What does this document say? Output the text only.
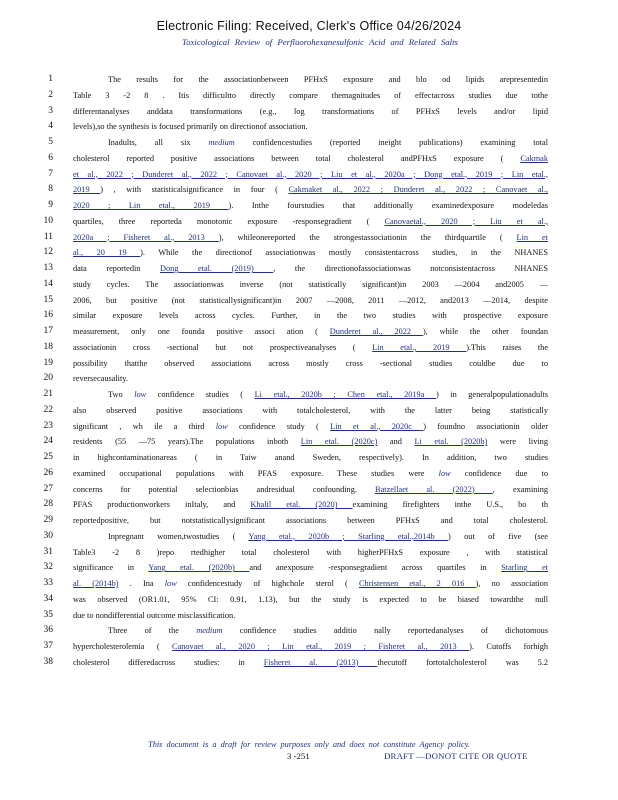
Electronic Filing: Received, Clerk's Office 04/26/2024
Toxicological Review of Perfluorohexanesulfonic Acid and Related Salts
1	The results for the associationbetween PFHxS exposure and blo od lipids arepresentedin
2 Table 3 -2 8 . Itis difficultto directly compare themagnitudes of effectacross studies due tothe
3 differentanalyses anddata transformations (e.g., log transformations of PFHxS levels and/or lipid
4 levels),so the synthesis is focused primarily on directionof association.
5	Inadults, all six medium confidencestudies (reported ineight publications) examining total
6 cholesterol reported positive associations between total cholesterol andPFHxS exposure ( Cakmak
7 et al., 2022 ; Dunderet al., 2022 ; Canovaet al., 2020 ; Liu et al., 2020a ; Dong etal., 2019 ; Lin etal.,
8 2019 ) , with statisticalsignificance in four ( Cakmaket al., 2022 ; Dunderet al., 2022 ; Canovaet al.,
9 2020 ; Lin etal., 2019 ). Inthe fourstudies that additionally examinedexposure modeledas
10 quartiles, three reporteda monotonic exposure -responsegradient ( Canovaetal., 2020 ; Liu et al.,
11 2020a ; Fisheret al., 2013 ), whileonereported the strongestassociationin the thirdquartile ( Lin et
12 al., 20 19 ). While the directionof associationwas mostly consistentacross studies, in the NHANES
13 data reportedin Dong etal. (2019) , the directionofassociationwas notconsistentacross NHANES
14 study cycles. The associationwas inverse (not statistically significant)in 2003 —2004 and2005 —
15 2006, but positive (not statisticallysignificant)in 2007 —2008, 2011 —2012, and2013 —2014, despite
16 similar exposure levels across cycles. Further, in the two studies with prospective exposure
17 measurement, only one founda positive associ ation ( Dunderet al., 2022 ), while the other foundan
18 associationin cross -sectional but not prospectiveanalyses ( Lin etal., 2019 ).This raises the
19 possibility thatthe observed associations across mostly cross -sectional studies couldbe due to
20 reversecausality.
21	Two low confidence studies ( Li etal., 2020b ; Chen etal., 2019a ) in generalpopulationadults
22 also observed positive associations with totalcholesterol, with the latter being statistically
23 significant , wh ile a third low confidence study ( Lin et al., 2020c ) foundno associationin older
24 residents (55 —75 years).The populations inboth Lin etal. (2020c) and Li etal. (2020b) were living
25 in highcontaminationareas ( in Taiw anand Sweden, respectively). In addition, two studies
26 examined occupational populations with PFAS exposure. These studies were low confidence due to
27 concerns for potential selectionbias andresidual confounding. Batzellaet al. (2022) , examining
28 PFAS productionworkers inItaly, and Khalil etal. (2020) examining firefighters inthe U.S., bo th
29 reportedpositive, but notstatisticallysignificant associations between PFHxS and total cholesterol.
30	Inpregnant women,twostudies ( Yang etal., 2020b ; Starling etal.,2014b ) out of five (see
31 Table3 -2 8 )repo rtedhigher total cholesterol with higherPFHxS exposure , with statistical
32 significance in Yang etal. (2020b) and anexposure -responsegradient across quartiles in Starling et
33 al. (2014b) . Ina low confidencestudy of highchole sterol ( Christensen etal., 2 016 ), no association
34 was observed (OR1.01, 95% CI: 0.91, 1.13), but the study is expected to be biased towardthe null
35 due to nondifferential outcome misclassification.
36	Three of the medium confidence studies additio nally reportedanalyses of dichotomous
37 hypercholesterolemia ( Canovaet al., 2020 ; Lin etal., 2019 ; Fisheret al., 2013 ). Cutoffs forhigh
38 cholesterol differedacross studies: in Fisheret al. (2013) thecutoff fortotalcholesterol was 5.2
This document is a draft for review purposes only and does not constitute Agency policy.
3 -251	DRAFT —DONOT CITE OR QUOTE
